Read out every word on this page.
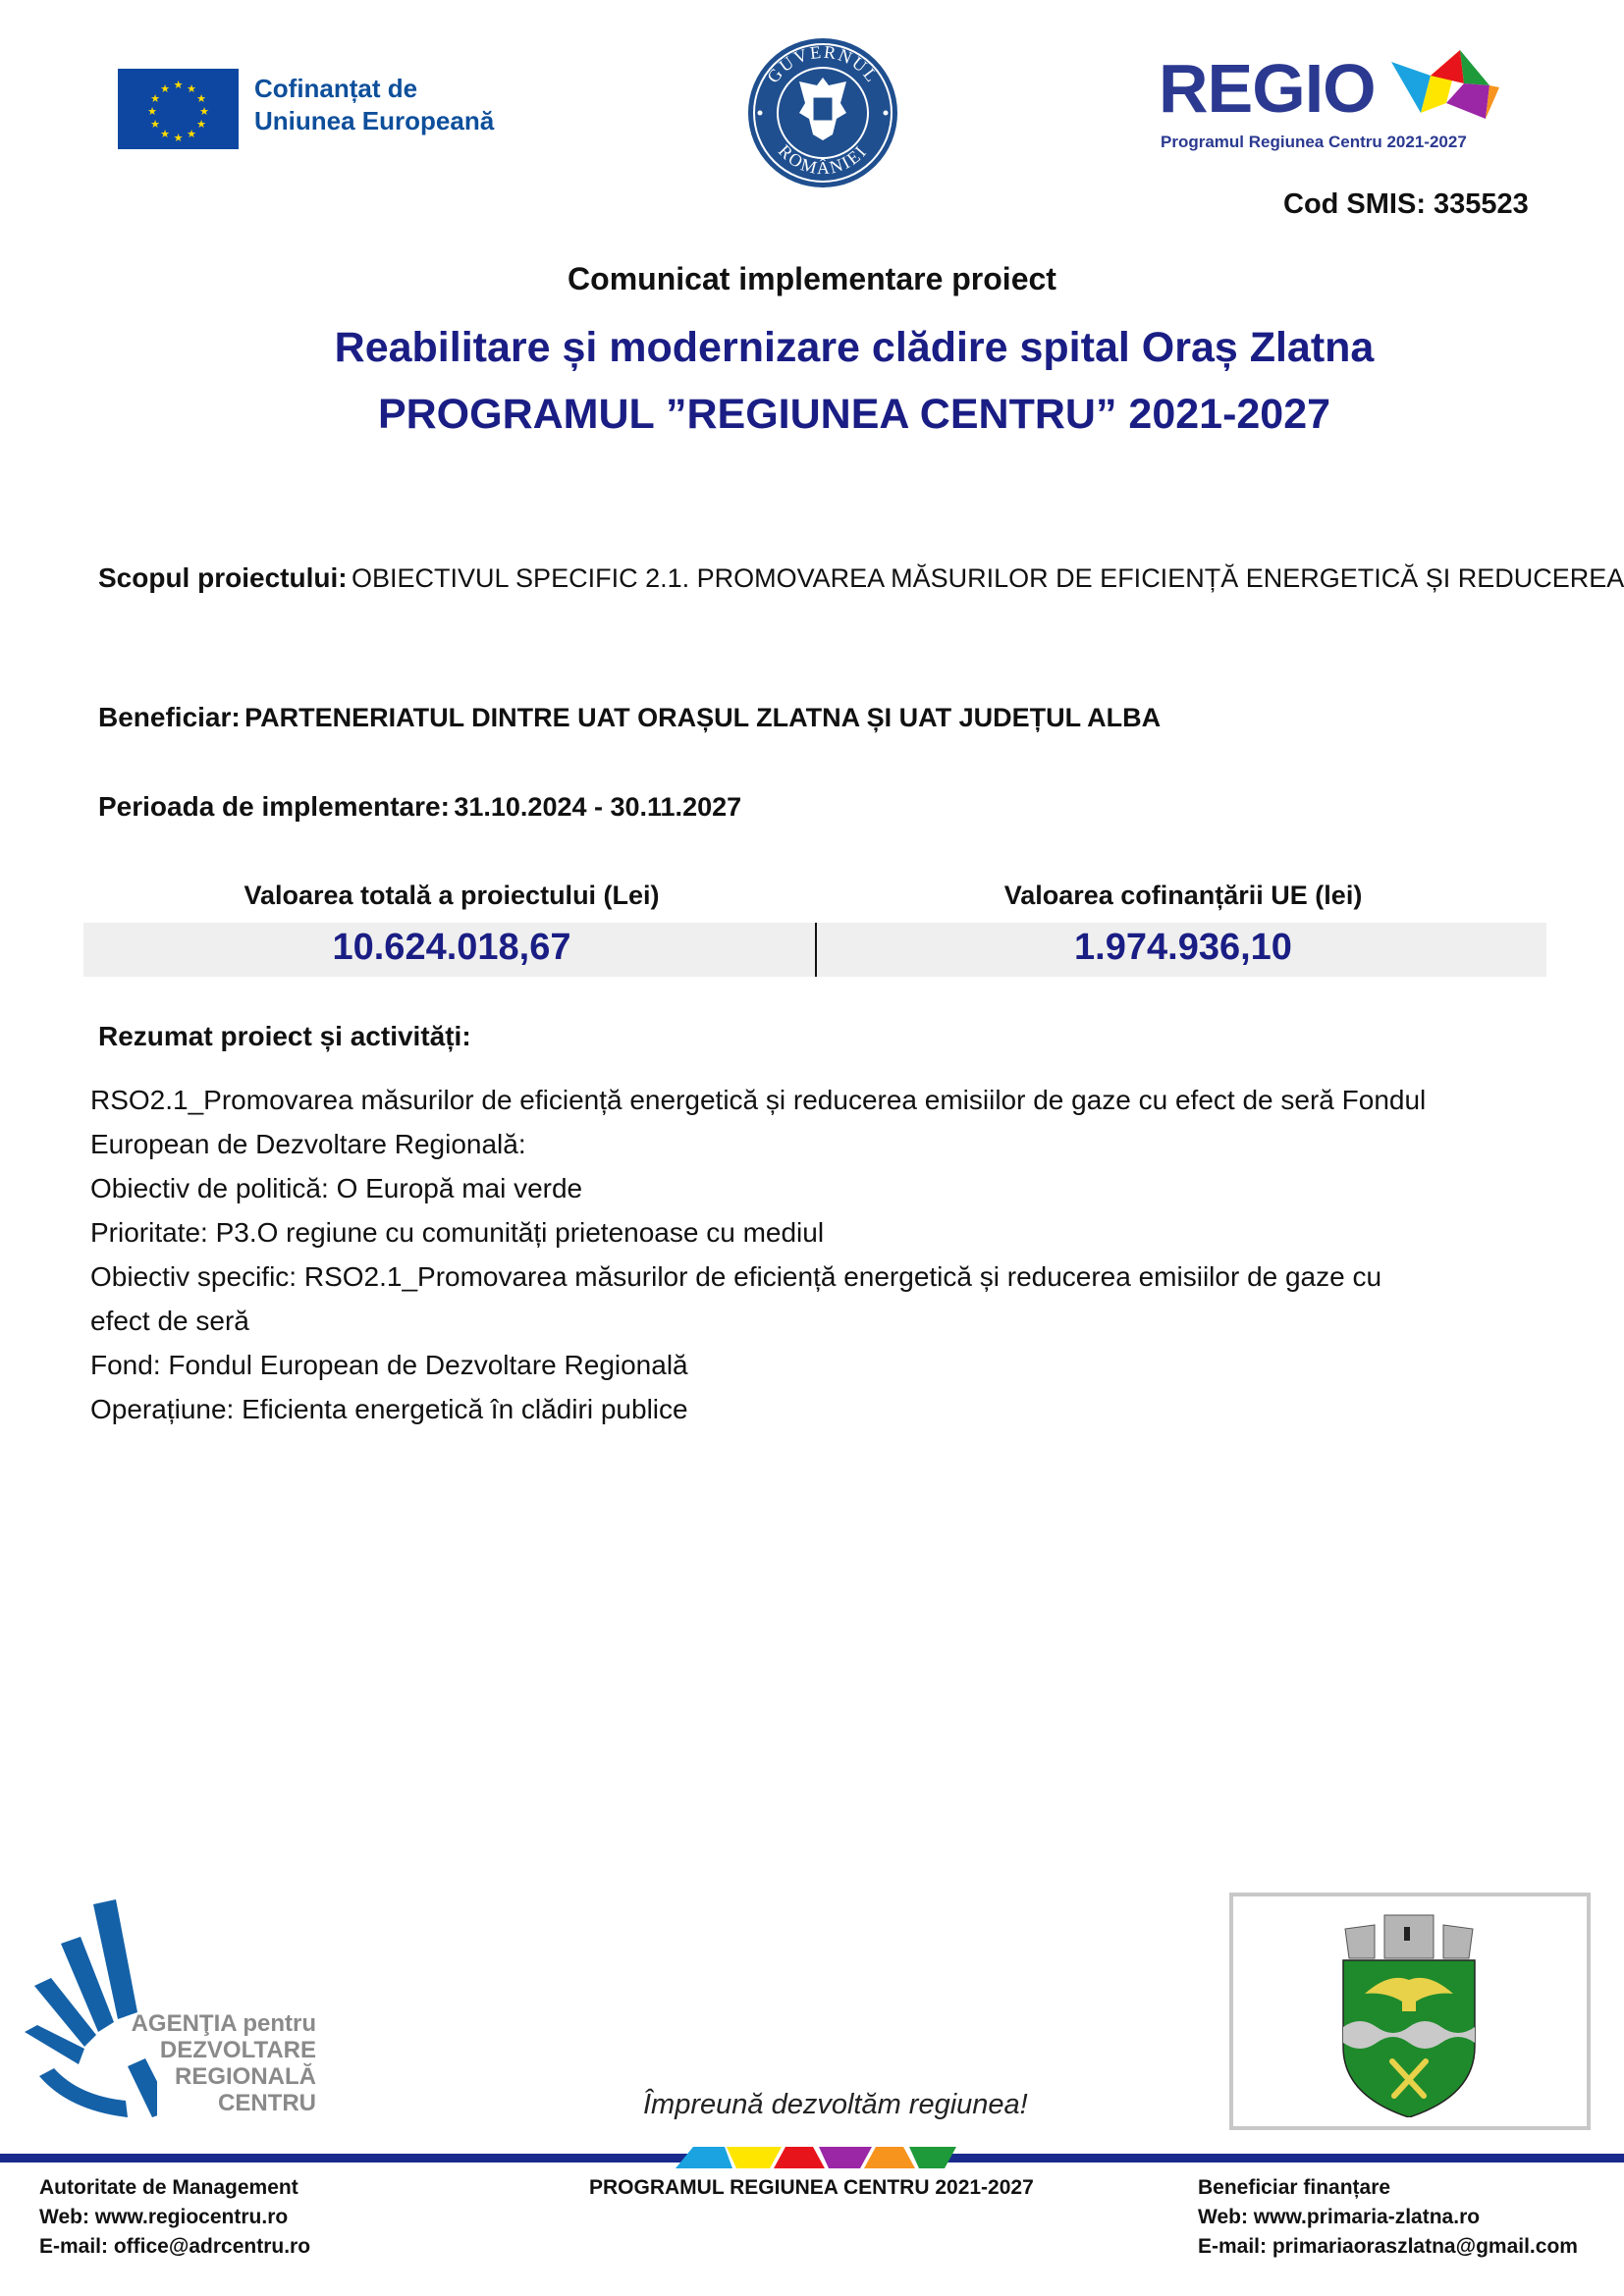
★ ★
★
★
★
★
★
★
★
★
★
★	Cofinanțat de
Uniunea Europeană
GUVERNUL
ROMÂNIEI
REGIO
Programul Regiunea Centru 2021-2027
Cod SMIS: 335523
Comunicat implementare proiect
Reabilitare și modernizare clădire spital Oraș Zlatna
PROGRAMUL ”REGIUNEA CENTRU” 2021-2027
Scopul proiectului: OBIECTIVUL SPECIFIC 2.1. PROMOVAREA MĂSURILOR DE EFICIENȚĂ ENERGETICĂ ȘI REDUCEREA
Beneficiar: PARTENERIATUL DINTRE UAT ORAȘUL ZLATNA ȘI UAT JUDEȚUL ALBA
Perioada de implementare: 31.10.2024 - 30.11.2027
Valoarea totală a proiectului (Lei)	Valoarea cofinanțării UE (lei)
10.624.018,67	1.974.936,10
Rezumat proiect și activități:
RSO2.1_Promovarea măsurilor de eficiență energetică și reducerea emisiilor de gaze cu efect de seră Fondul
European de Dezvoltare Regională:
Obiectiv de politică: O Europă mai verde
Prioritate: P3.O regiune cu comunități prietenoase cu mediul
Obiectiv specific: RSO2.1_Promovarea măsurilor de eficiență energetică și reducerea emisiilor de gaze cu
efect de seră
Fond: Fondul European de Dezvoltare Regională
Operațiune: Eficienta energetică în clădiri publice
AGENŢIA pentru
DEZVOLTARE
REGIONALĂ
CENTRU	Împreună dezvoltăm regiunea!
Autoritate de Management
Web: www.regiocentru.ro
E-mail: office@adrcentru.ro
PROGRAMUL REGIUNEA CENTRU 2021-2027	Beneficiar finanțare
Web: www.primaria-zlatna.ro
E-mail: primariaoraszlatna@gmail.com
